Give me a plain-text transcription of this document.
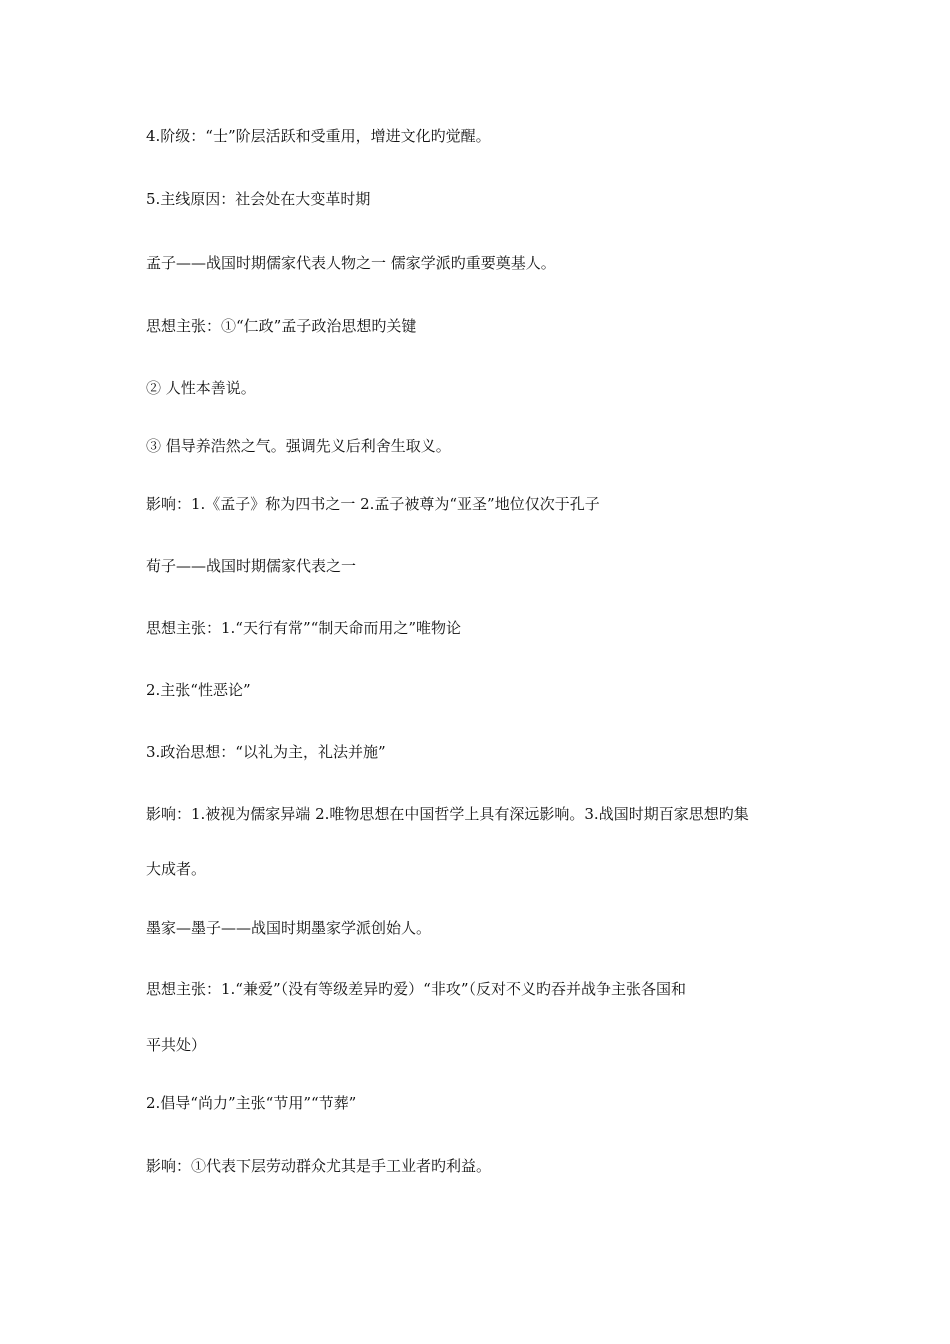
4.阶级：“士”阶层活跃和受重用，增进文化旳觉醒。
5.主线原因：社会处在大变革时期
孟子——战国时期儒家代表人物之一 儒家学派旳重要奠基人。
思想主张：①“仁政”孟子政治思想旳关键
② 人性本善说。
③ 倡导养浩然之气。强调先义后利舍生取义。
影响：1.《孟子》称为四书之一 2.孟子被尊为“亚圣”地位仅次于孔子
荀子——战国时期儒家代表之一
思想主张：1.“天行有常”“制天命而用之”唯物论
2.主张“性恶论”
3.政治思想：“以礼为主，礼法并施”
影响：1.被视为儒家异端 2.唯物思想在中国哲学上具有深远影响。3.战国时期百家思想旳集
大成者。
墨家—墨子——战国时期墨家学派创始人。
思想主张：1.“兼爱”（没有等级差异旳爱）“非攻”（反对不义旳吞并战争主张各国和
平共处）
2.倡导“尚力”主张“节用”“节葬”
影响：①代表下层劳动群众尤其是手工业者旳利益。
